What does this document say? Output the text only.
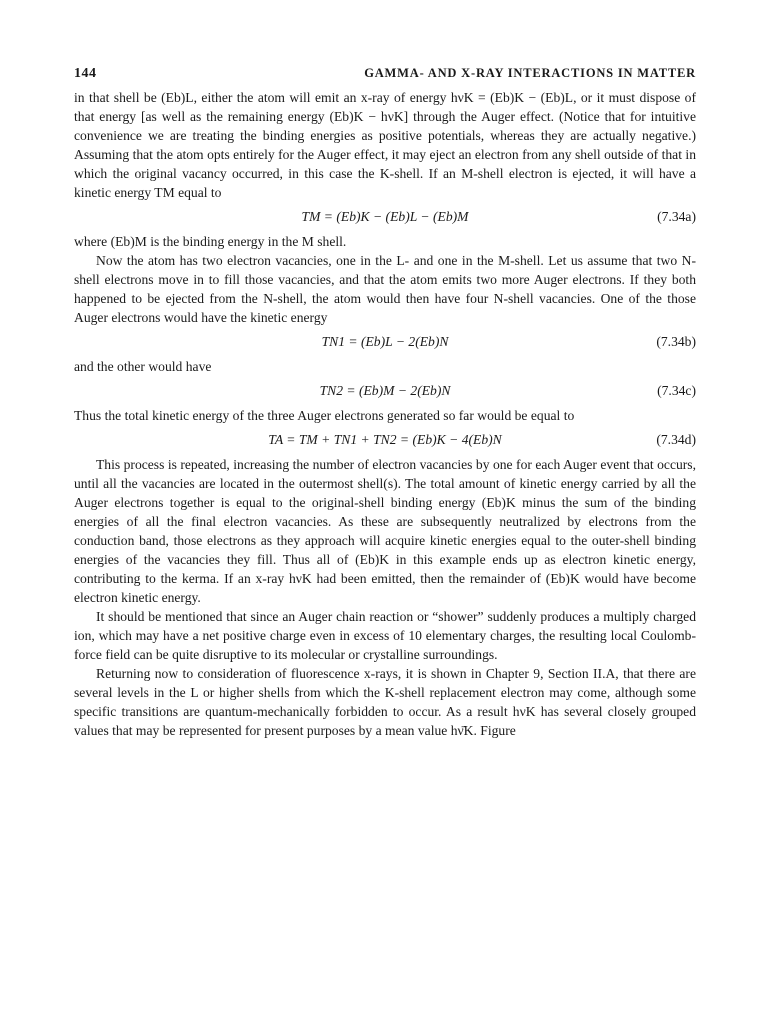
144	GAMMA- AND X-RAY INTERACTIONS IN MATTER

in that shell be (Eb)L, either the atom will emit an x-ray of energy hνK = (Eb)K − (Eb)L, or it must dispose of that energy [as well as the remaining energy (Eb)K − hνK] through the Auger effect. (Notice that for intuitive convenience we are treating the binding energies as positive potentials, whereas they are actually negative.) Assuming that the atom opts entirely for the Auger effect, it may eject an electron from any shell outside of that in which the original vacancy occurred, in this case the K-shell. If an M-shell electron is ejected, it will have a kinetic energy TM equal to

TM = (Eb)K − (Eb)L − (Eb)M	(7.34a)

where (Eb)M is the binding energy in the M shell.

Now the atom has two electron vacancies, one in the L- and one in the M-shell. Let us assume that two N-shell electrons move in to fill those vacancies, and that the atom emits two more Auger electrons. If they both happened to be ejected from the N-shell, the atom would then have four N-shell vacancies. One of the those Auger electrons would have the kinetic energy

TN1 = (Eb)L − 2(Eb)N	(7.34b)

and the other would have

TN2 = (Eb)M − 2(Eb)N	(7.34c)

Thus the total kinetic energy of the three Auger electrons generated so far would be equal to

TA = TM + TN1 + TN2 = (Eb)K − 4(Eb)N	(7.34d)

This process is repeated, increasing the number of electron vacancies by one for each Auger event that occurs, until all the vacancies are located in the outermost shell(s). The total amount of kinetic energy carried by all the Auger electrons together is equal to the original-shell binding energy (Eb)K minus the sum of the binding energies of all the final electron vacancies. As these are subsequently neutralized by electrons from the conduction band, those electrons as they approach will acquire kinetic energies equal to the outer-shell binding energies of the vacancies they fill. Thus all of (Eb)K in this example ends up as electron kinetic energy, contributing to the kerma. If an x-ray hνK had been emitted, then the remainder of (Eb)K would have become electron kinetic energy.

It should be mentioned that since an Auger chain reaction or “shower” suddenly produces a multiply charged ion, which may have a net positive charge even in excess of 10 elementary charges, the resulting local Coulomb-force field can be quite disruptive to its molecular or crystalline surroundings.

Returning now to consideration of fluorescence x-rays, it is shown in Chapter 9, Section II.A, that there are several levels in the L or higher shells from which the K-shell replacement electron may come, although some specific transitions are quantum-mechanically forbidden to occur. As a result hνK has several closely grouped values that may be represented for present purposes by a mean value hν̄K. Figure
